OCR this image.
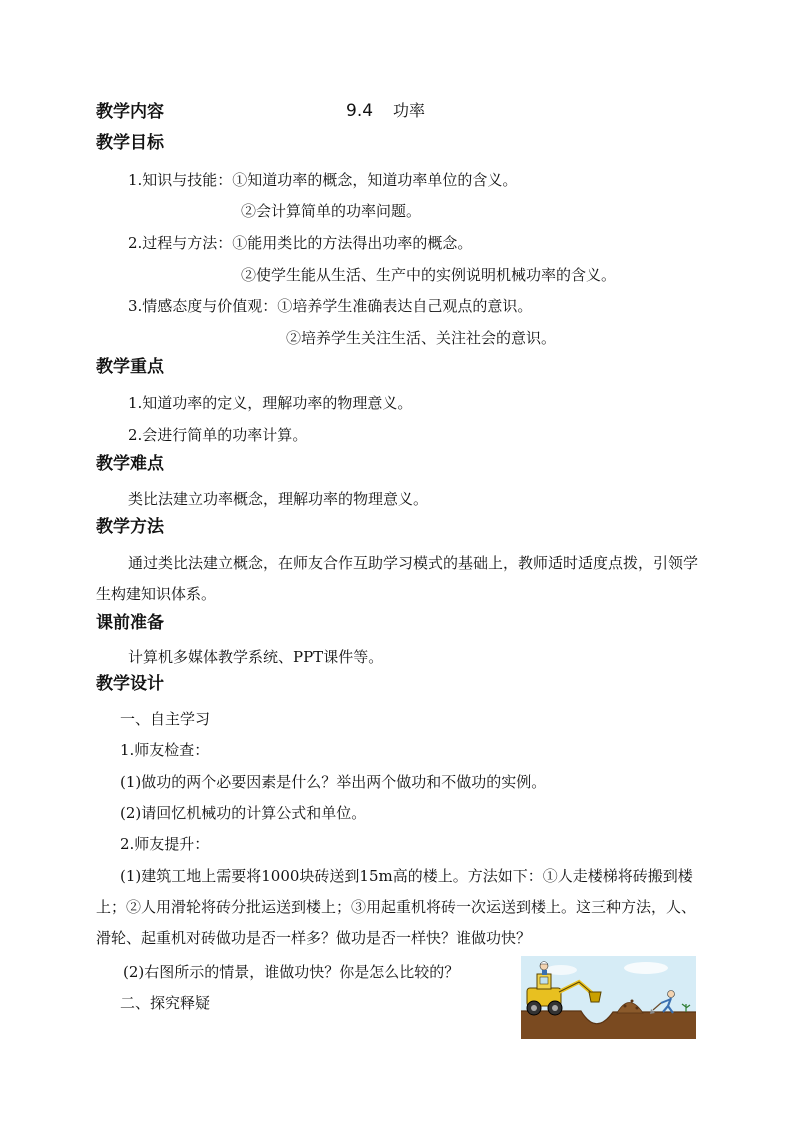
教学内容	9.4 功率
教学目标
1.知识与技能：①知道功率的概念，知道功率单位的含义。
②会计算简单的功率问题。
2.过程与方法：①能用类比的方法得出功率的概念。
②使学生能从生活、生产中的实例说明机械功率的含义。
3.情感态度与价值观：①培养学生准确表达自己观点的意识。
②培养学生关注生活、关注社会的意识。
教学重点
1.知道功率的定义，理解功率的物理意义。
2.会进行简单的功率计算。
教学难点
类比法建立功率概念，理解功率的物理意义。
教学方法
通过类比法建立概念，在师友合作互助学习模式的基础上，教师适时适度点拨，引领学生构建知识体系。
课前准备
计算机多媒体教学系统、PPT课件等。
教学设计
一、自主学习
1.师友检查：
(1)做功的两个必要因素是什么？举出两个做功和不做功的实例。
(2)请回忆机械功的计算公式和单位。
2.师友提升：
(1)建筑工地上需要将1000块砖送到15m高的楼上。方法如下：①人走楼梯将砖搬到楼上；②人用滑轮将砖分批运送到楼上；③用起重机将砖一次运送到楼上。这三种方法，人、滑轮、起重机对砖做功是否一样多？做功是否一样快？谁做功快？
(2)右图所示的情景，谁做功快？你是怎么比较的？
二、探究释疑
